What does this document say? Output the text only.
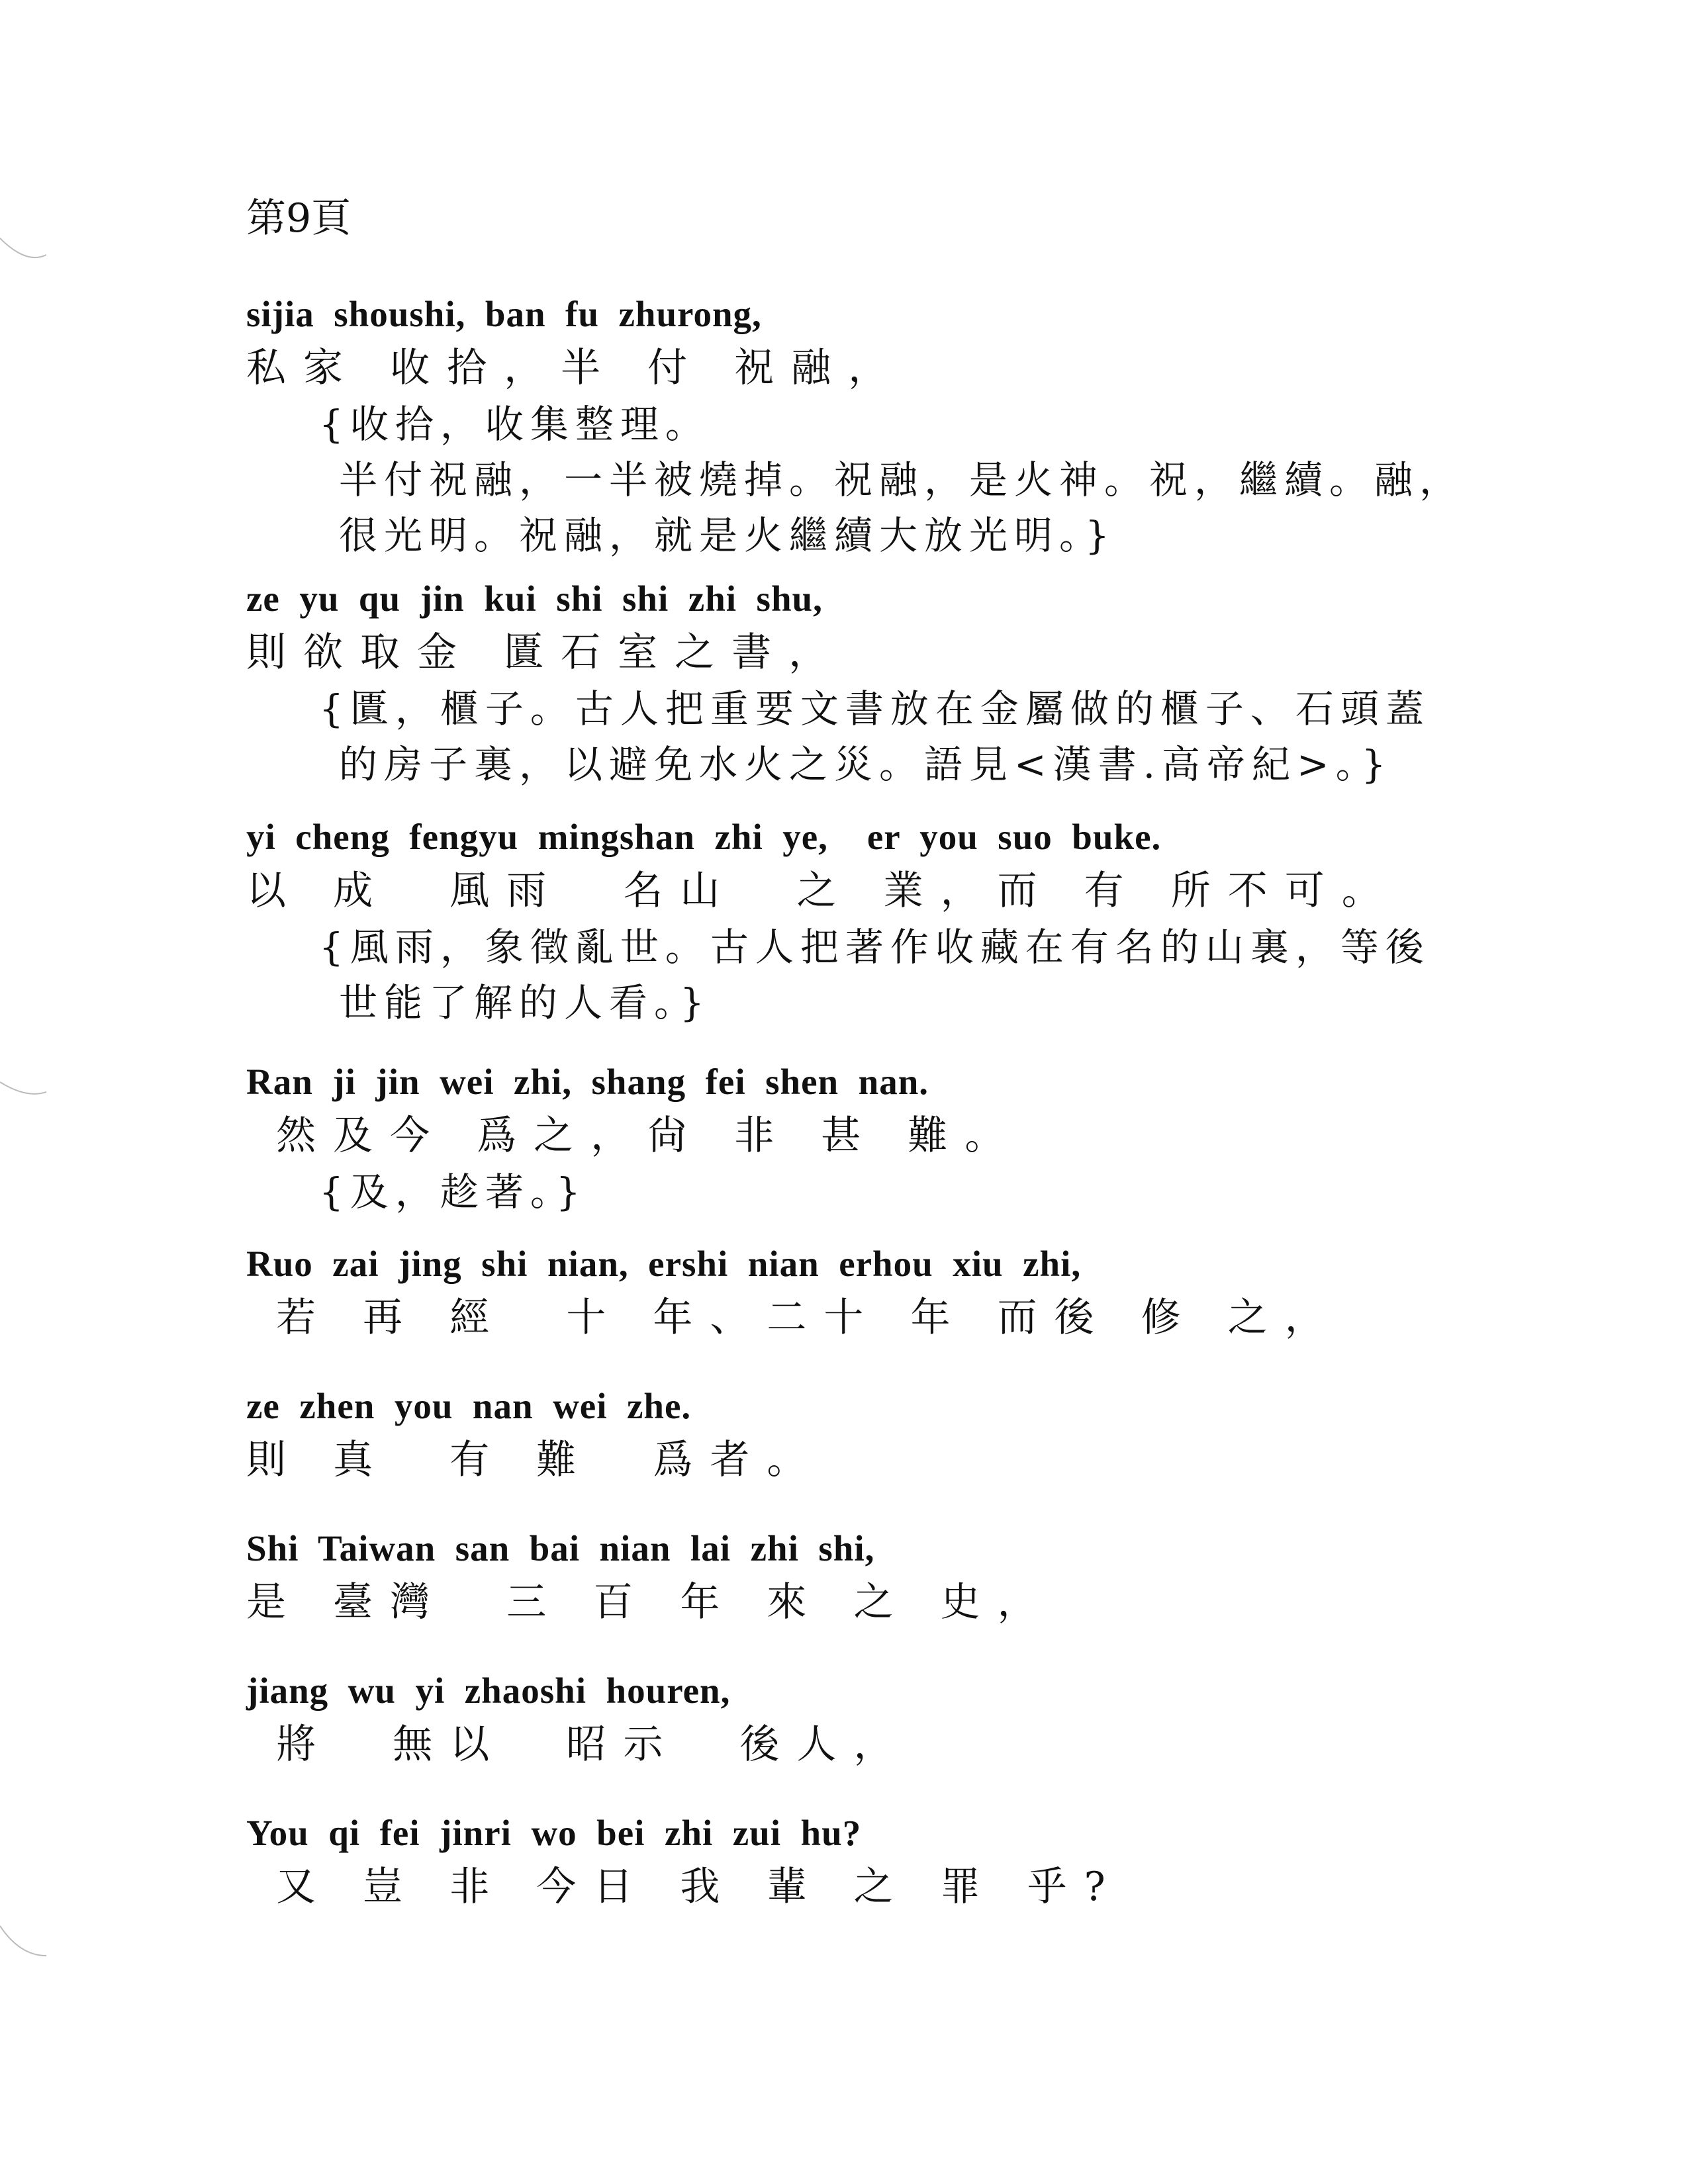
第9頁
sijia  shoushi,  ban  fu  zhurong,
私家 收拾，半 付 祝融，
{收拾，收集整理。
半付祝融，一半被燒掉。祝融，是火神。祝，繼續。融，
很光明。祝融，就是火繼續大放光明。}
ze  yu  qu  jin  kui  shi  shi  zhi  shu,
則欲取金 匱石室之書，
{匱，櫃子。古人把重要文書放在金屬做的櫃子、石頭蓋
的房子裏，以避免水火之災。語見<漢書.高帝紀>。}
yi  cheng  fengyu  mingshan  zhi  ye,    er  you  suo  buke.
以 成  風雨  名山  之 業，而 有 所不可。
{風雨，象徵亂世。古人把著作收藏在有名的山裏，等後
世能了解的人看。}
Ran  ji  jin  wei  zhi,  shang  fei  shen  nan.
然及今 爲之，尙 非 甚 難。
{及，趁著。}
Ruo  zai  jing  shi  nian,  ershi  nian  erhou  xiu  zhi,
若 再 經  十 年、二十 年 而後 修 之，
ze  zhen  you  nan  wei  zhe.
則 真  有 難  爲者。
Shi  Taiwan  san  bai  nian  lai  zhi  shi,
是 臺灣  三 百 年 來 之 史，
jiang  wu  yi  zhaoshi  houren,
將  無以  昭示  後人，
You  qi  fei  jinri  wo  bei  zhi  zui  hu?
又 豈 非 今日 我 輩 之 罪 乎?
